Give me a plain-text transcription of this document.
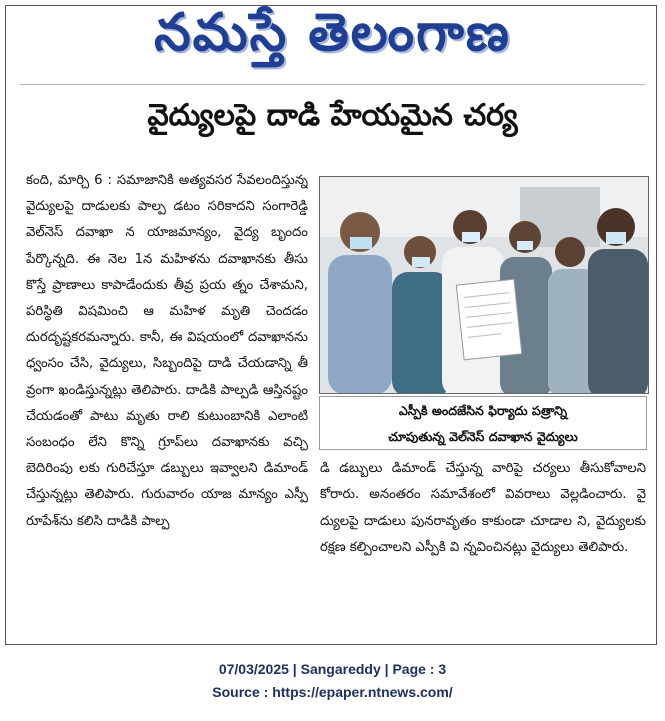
నమస్తే తెలంగాణ
వైద్యులపై దాడి హేయమైన చర్య

కంది, మార్చి 6 : సమాజానికి అత్యవసర సేవలందిస్తున్న వైద్యులపై దాడులకు పాల్ప డటం సరికాదని సంగారెడ్డి వెల్‌నెస్ దవాఖా న యాజమాన్యం, వైద్య బృందం పేర్కొన్నది. ఈ నెల 1న మహిళను దవాఖానకు తీసు కొస్తే ప్రాణాలు కాపాడేందుకు తీవ్ర ప్రయ త్నం చేశామని, పరిస్థితి విషమించి ఆ మహిళ మృతి చెందడం దురదృష్టకరమన్నారు. కానీ, ఈ విషయంలో దవాఖానను ధ్వంసం చేసి, వైద్యులు, సిబ్బందిపై దాడి చేయడాన్ని తీ వ్రంగా ఖండిస్తున్నట్లు తెలిపారు. దాడికి పాల్పడి ఆస్తినష్టం చేయడంతో పాటు మృతు రాలి కుటుంబానికి ఎలాంటి సంబంధం లేని కొన్ని గ్రూప్‌లు దవాఖానకు వచ్చి బెదిరింపు లకు గురిచేస్తూ డబ్బులు ఇవ్వాలని డిమాండ్ చేస్తున్నట్లు తెలిపారు. గురువారం యాజ మాన్యం ఎస్పీ రూపేశ్‌ను కలిసి దాడికి పాల్ప

ఎస్పీకి అందజేసిన ఫిర్యాదు పత్రాన్ని
చూపుతున్న వెల్‌నెస్ దవాఖాన వైద్యులు

డి డబ్బులు డిమాండ్ చేస్తున్న వారిపై చర్యలు తీసుకోవాలని కోరారు. అనంతరం సమావేశంలో వివరాలు వెల్లడించారు. వై ద్యులపై దాడులు పునరావృతం కాకుండా చూడాల ని, వైద్యులకు రక్షణ కల్పించాలని ఎస్పీకి వి న్నవించినట్లు వైద్యులు తెలిపారు.

07/03/2025 | Sangareddy | Page : 3
Source : https://epaper.ntnews.com/
